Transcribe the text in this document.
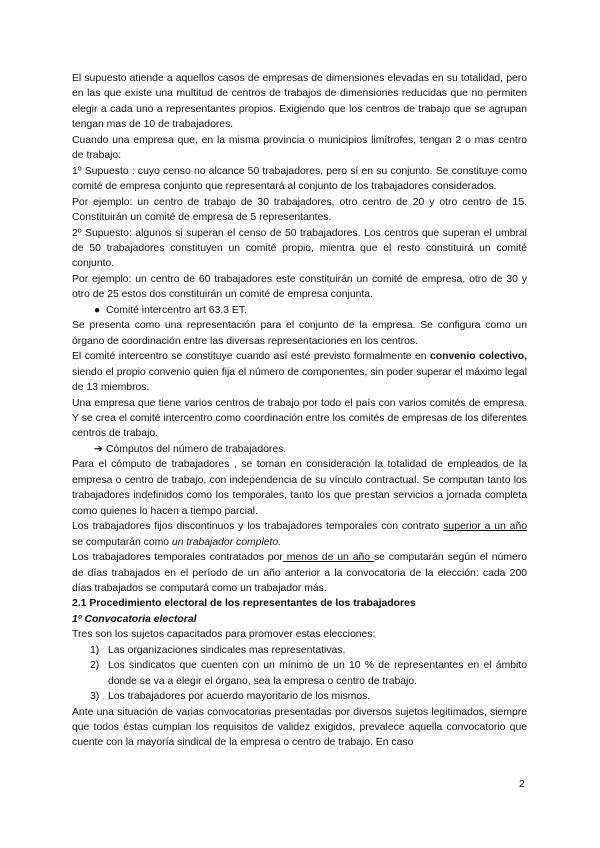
El supuesto atiende a aquellos casos de empresas de dimensiones elevadas en su totalidad, pero en las que existe una multitud de centros de trabajos de dimensiones reducidas que no permiten elegir a cada uno a representantes propios. Exigiendo que los centros de trabajo que se agrupan tengan mas de 10 de trabajadores.

Cuando una empresa que, en la misma provincia o municipios limítrofes, tengan 2 o mas centro de trabajo:

1º Supuesto : cuyo censo no alcance 50 trabajadores, pero sí en su conjunto. Se constituye como comité de empresa conjunto que representará al conjunto de los trabajadores considerados.

Por ejemplo: un centro de trabajo de 30 trabajadores, otro centro de 20 y otro centro de 15. Constituirán un comité de empresa de 5 representantes.

2º Supuesto: algunos si superan el censo de 50 trabajadores. Los centros que superan el umbral de 50 trabajadores constituyen un comité propio, mientra que el resto constituirá un comité conjunto.

Por ejemplo: un centro de 60 trabajadores este constituirán un comité de empresa, otro de 30 y otro de 25 estos dos constituirán un comité de empresa conjunta.

● Comité intercentro art 63.3 ET.

Se presenta como una representación para el conjunto de la empresa. Se configura como un órgano de coordinación entre las diversas representaciones en los centros.

El comité intercentro se constituye cuando así esté previsto formalmente en convenio colectivo, siendo el propio convenio quien fija el número de componentes, sin poder superar el máximo legal de 13 miembros.

Una empresa que tiene varios centros de trabajo por todo el país con varios comités de empresa. Y se crea el comité intercentro como coordinación entre los comités de empresas de los diferentes centros de trabajo.

➔ Cómputos del número de trabajadores.

Para el cómputo de trabajadores , se toman en consideración la totalidad de empleados de la empresa o centro de trabajo, con independencia de su vínculo contractual. Se computan tanto los trabajadores indefinidos como los temporales, tanto los que prestan servicios a jornada completa como quienes lo hacen a tiempo parcial.

Los trabajadores fijos discontinuos y los trabajadores temporales con contrato superior a un año se computarán como un trabajador completo.

Los trabajadores temporales contratados por menos de un año se computarán según el número de días trabajados en el período de un año anterior a la convocatoria de la elección: cada 200 días trabajados se computará como un trabajador más.

2.1 Procedimiento electoral de los representantes de los trabajadores

1º Convocatoria electoral

Tres son los sujetos capacitados para promover estas elecciones:

1) Las organizaciones sindicales mas representativas.
2) Los sindicatos que cuenten con un mínimo de un 10 % de representantes en el ámbito donde se va a elegir el órgano, sea la empresa o centro de trabajo.
3) Los trabajadores por acuerdo mayoritario de los mismos.

Ante una situación de varias convocatorias presentadas por diversos sujetos legitimados, siempre que todos éstas cumplan los requisitos de validez exigidos, prevalece aquella convocatorio que cuente con la mayoría sindical de la empresa o centro de trabajo. En caso

2
